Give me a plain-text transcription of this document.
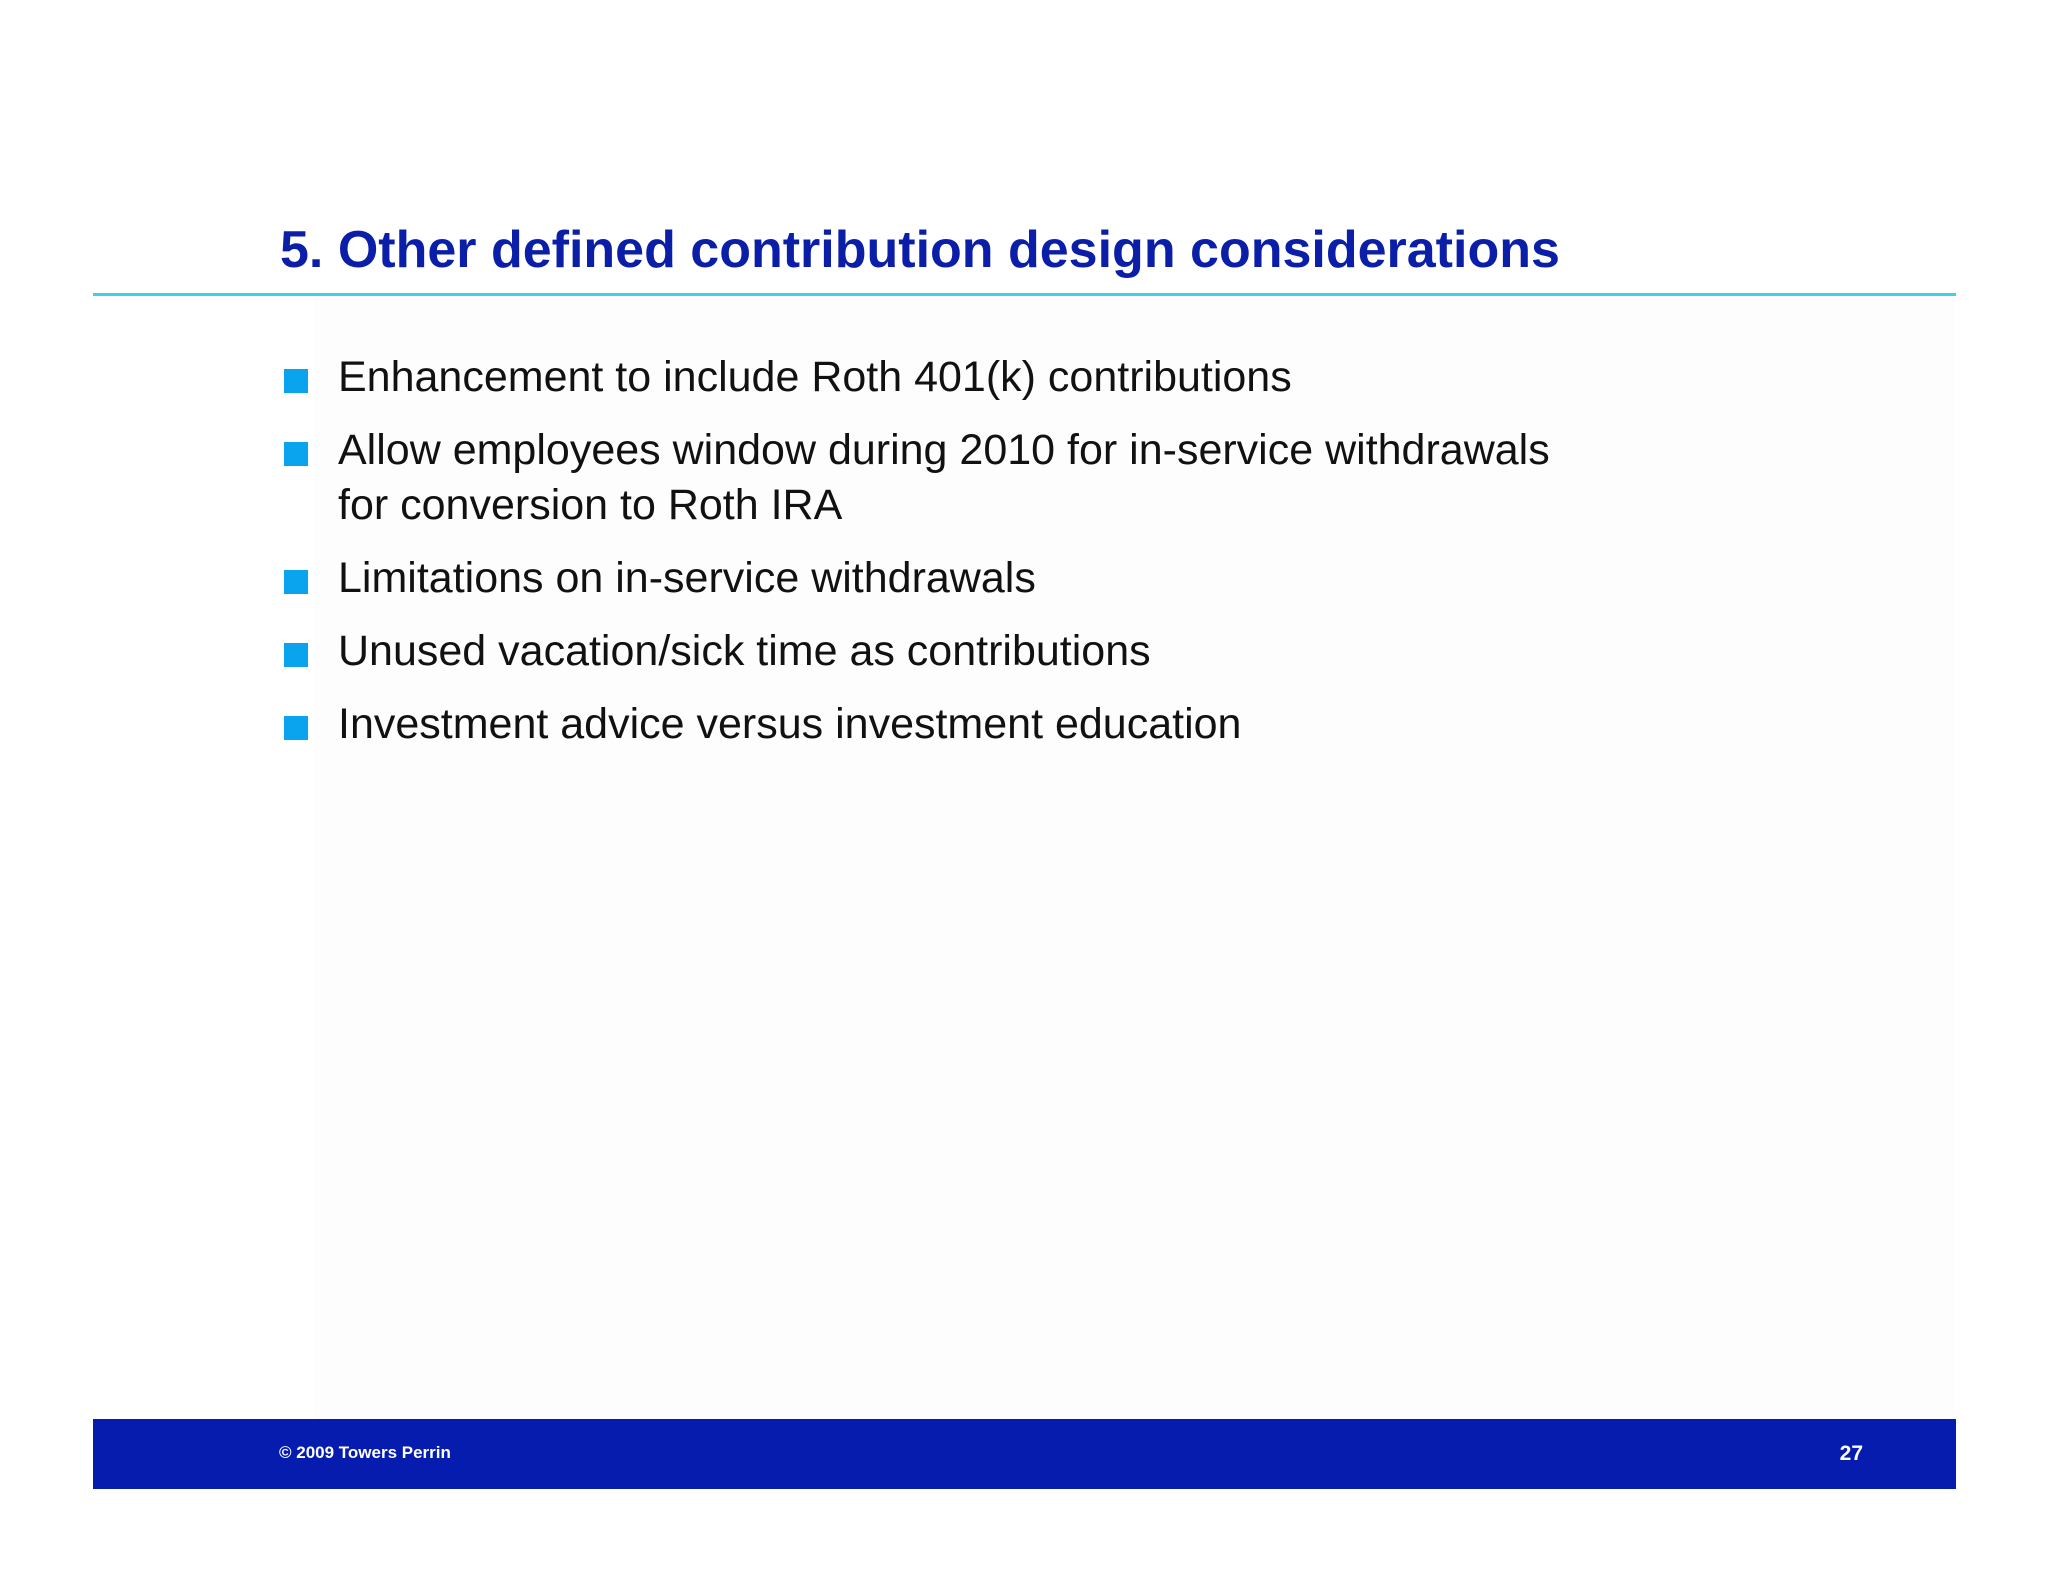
5. Other defined contribution design considerations
Enhancement to include Roth 401(k) contributions
Allow employees window during 2010 for in-service withdrawals
for conversion to Roth IRA
Limitations on in-service withdrawals
Unused vacation/sick time as contributions
Investment advice versus investment education
© 2009 Towers Perrin	27
